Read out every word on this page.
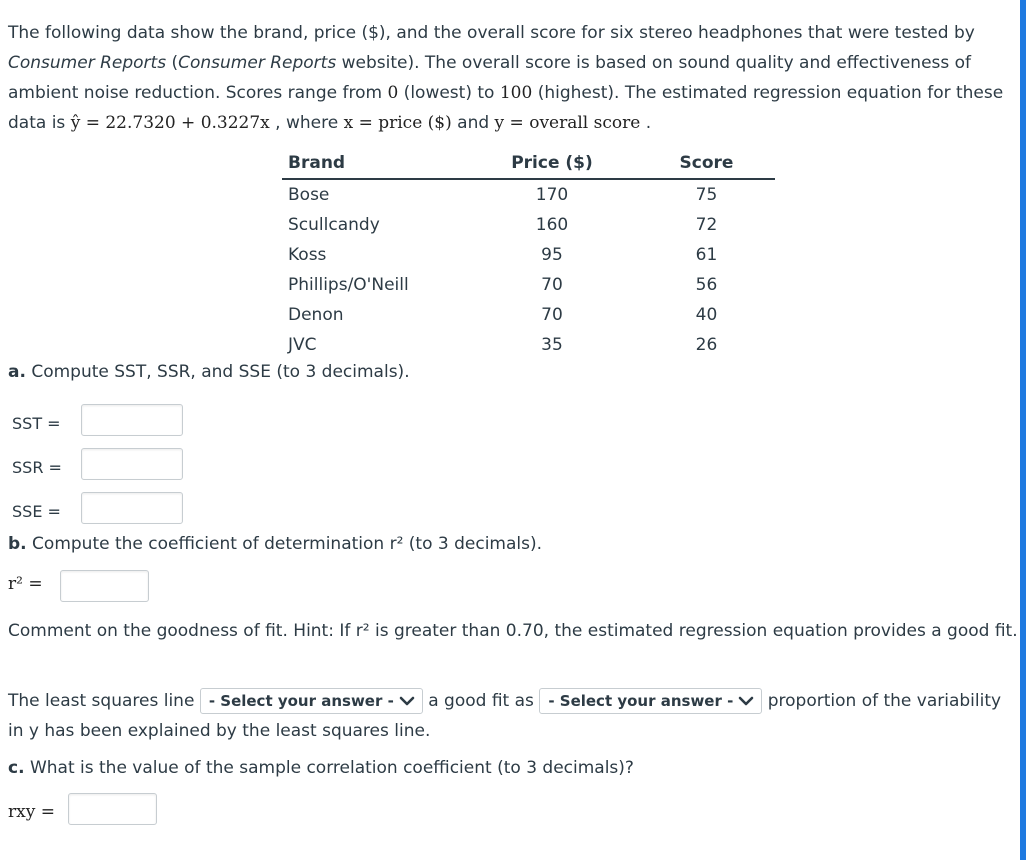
The following data show the brand, price ($), and the overall score for six stereo headphones that were tested by Consumer Reports (Consumer Reports website). The overall score is based on sound quality and effectiveness of ambient noise reduction. Scores range from 0 (lowest) to 100 (highest). The estimated regression equation for these data is ŷ = 22.7320 + 0.3227x , where x = price ($) and y = overall score .

Brand	Price ($)	Score
Bose	170	75
Scullcandy	160	72
Koss	95	61
Phillips/O'Neill	70	56
Denon	70	40
JVC	35	26
a. Compute SST, SSR, and SSE (to 3 decimals).
SST =
SSR =
SSE =
b. Compute the coefficient of determination r² (to 3 decimals).
r² =
Comment on the goodness of fit. Hint: If r² is greater than 0.70, the estimated regression equation provides a good fit.
The least squares line - Select your answer - a good fit as - Select your answer - proportion of the variability in y has been explained by the least squares line.
c. What is the value of the sample correlation coefficient (to 3 decimals)?
rxy =
